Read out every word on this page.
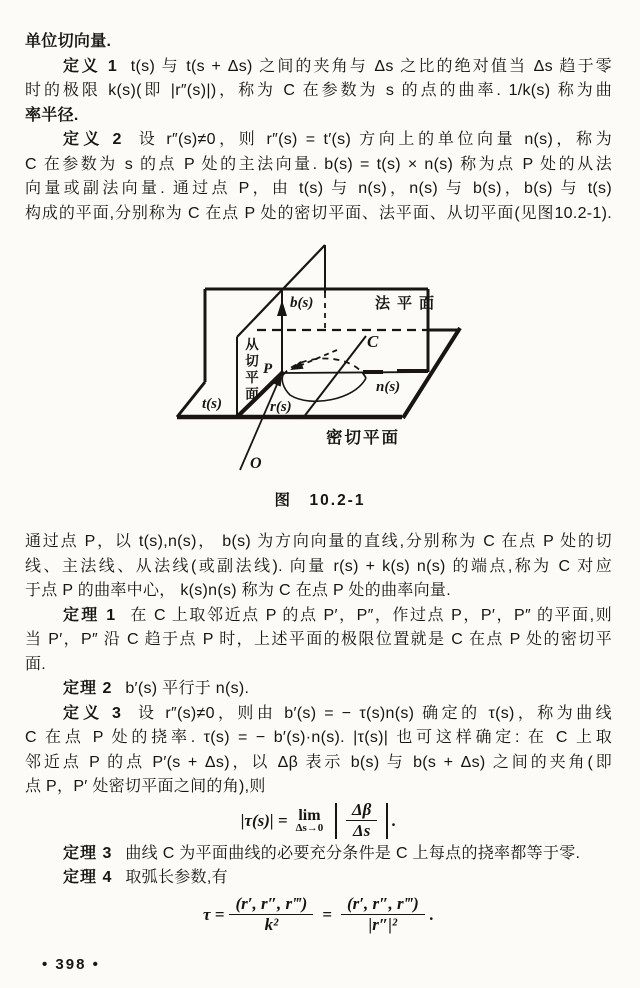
单位切向量.
定义 1 t(s) 与 t(s + Δs) 之间的夹角与 Δs 之比的绝对值当 Δs 趋于零
时的极限 k(s)(即 |r″(s)|)，称为 C 在参数为 s 的点的曲率. 1/k(s) 称为曲
率半径.
定义 2 设 r″(s)≠0，则 r″(s) = t′(s) 方向上的单位向量 n(s)，称为
C 在参数为 s 的点 P 处的主法向量. b(s) = t(s) × n(s) 称为点 P 处的从法
向量或副法向量. 通过点 P，由 t(s) 与 n(s)，n(s) 与 b(s)，b(s) 与 t(s)
构成的平面,分别称为 C 在点 P 处的密切平面、法平面、从切平面(见图10.2-1).
b(s)	法平面
C
从切平面 P
n(s)
t(s)	r(s)
密切平面
O
图　10.2-1
通过点 P，以 t(s),n(s)， b(s) 为方向向量的直线,分别称为 C 在点 P 处的切
线、主法线、从法线(或副法线). 向量 r(s) + k(s) n(s) 的端点,称为 C 对应
于点 P 的曲率中心， k(s)n(s) 称为 C 在点 P 处的曲率向量.
定理 1 在 C 上取邻近点 P 的点 P′，P″，作过点 P，P′，P″ 的平面,则
当 P′，P″ 沿 C 趋于点 P 时，上述平面的极限位置就是 C 在点 P 处的密切平
面.
定理 2 b′(s) 平行于 n(s).
定义 3 设 r″(s)≠0，则由 b′(s) = − τ(s)n(s) 确定的 τ(s)，称为曲线
C 在点 P 处的挠率. τ(s) = − b′(s)·n(s). |τ(s)| 也可这样确定: 在 C 上取
邻近点 P 的点 P′(s + Δs)，以 Δβ 表示 b(s) 与 b(s + Δs) 之间的夹角(即
点 P，P′ 处密切平面之间的角),则
|τ(s)| = lim
$\Delta s\to 0 \frac{\Delta\beta}{\Delta s}$ .
定理 3 曲线 C 为平面曲线的必要充分条件是 C 上每点的挠率都等于零.
定理 4 取弧长参数,有
$\tau = \frac{(r', r'', r‴)}{\text{k²}} = \frac{(r', r'', r‴)}{\text{|r″|²}}$ .
• 398 •
